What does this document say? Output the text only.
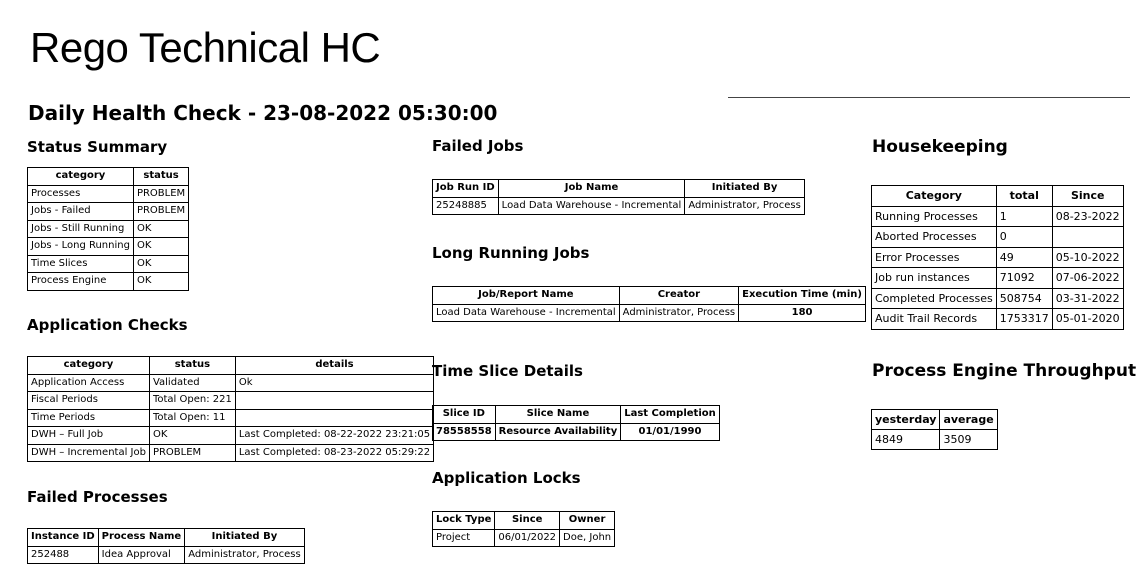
Rego Technical HC
Daily Health Check - 23-08-2022 05:30:00
Status Summary
category	status
Processes	PROBLEM
Jobs - Failed	PROBLEM
Jobs - Still Running	OK
Jobs - Long Running	OK
Time Slices	OK
Process Engine	OK
Application Checks
category	status	details
Application Access	Validated	Ok
Fiscal Periods	Total Open: 221	
Time Periods	Total Open: 11	
DWH – Full Job	OK	Last Completed: 08-22-2022 23:21:05
DWH – Incremental Job	PROBLEM	Last Completed: 08-23-2022 05:29:22
Failed Processes
Instance ID	Process Name	Initiated By
252488	Idea Approval	Administrator, Process
Failed Jobs
Job Run ID	Job Name	Initiated By
25248885	Load Data Warehouse - Incremental	Administrator, Process
Long Running Jobs
Job/Report Name	Creator	Execution Time (min)
Load Data Warehouse - Incremental	Administrator, Process	180
Time Slice Details
Slice ID	Slice Name	Last Completion
78558558	Resource Availability	01/01/1990
Application Locks
Lock Type	Since	Owner
Project	06/01/2022	Doe, John
Housekeeping
Category	total	Since
Running Processes	1	08-23-2022
Aborted Processes	0	
Error Processes	49	05-10-2022
Job run instances	71092	07-06-2022
Completed Processes	508754	03-31-2022
Audit Trail Records	1753317	05-01-2020
Process Engine Throughput
yesterday	average
4849	3509
